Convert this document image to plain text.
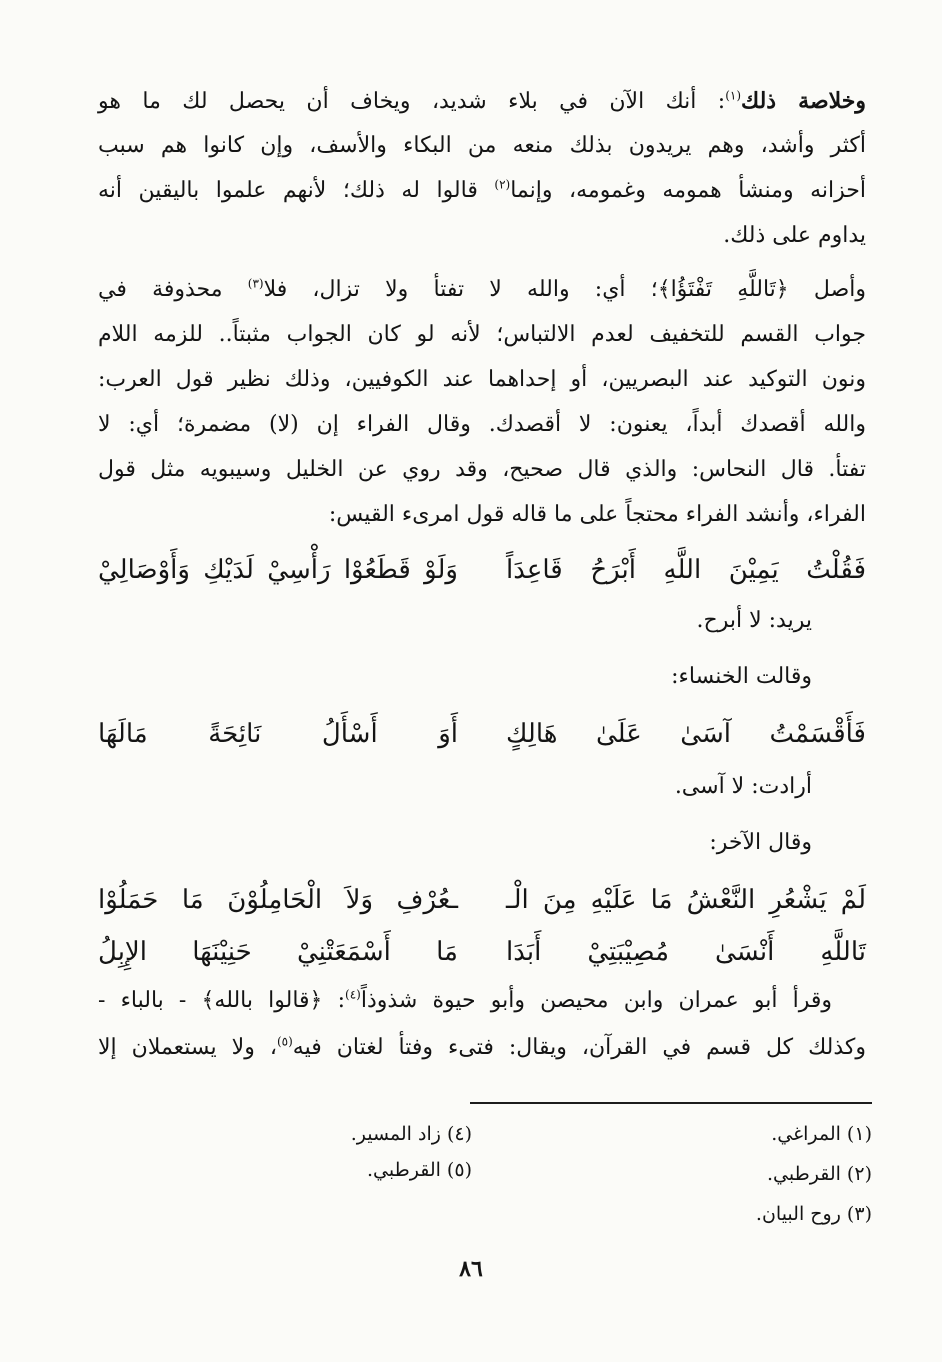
وخلاصة ذلك$^{(١)}$: أنك الآن في بلاء شديد، ويخاف أن يحصل لك ما هو
أكثر وأشد، وهم يريدون بذلك منعه من البكاء والأسف، وإن كانوا هم سبب
أحزانه ومنشأ همومه وغمومه، وإنما$^{(٢)}$ قالوا له ذلك؛ لأنهم علموا باليقين أنه
يداوم على ذلك.
وأصل ﴿تَاللَّهِ تَفْتَؤُا﴾؛ أي: والله لا تفتأ ولا تزال، فلا$^{(٣)}$ محذوفة في
جواب القسم للتخفيف لعدم الالتباس؛ لأنه لو كان الجواب مثبتاً.. للزمه اللام
ونون التوكيد عند البصريين، أو إحداهما عند الكوفيين، وذلك نظير قول العرب:
والله أقصدك أبداً، يعنون: لا أقصدك. وقال الفراء إن (لا) مضمرة؛ أي: لا
تفتأ. قال النحاس: والذي قال صحيح، وقد روي عن الخليل وسيبويه مثل قول
الفراء، وأنشد الفراء محتجاً على ما قاله قول امرىء القيس:
فَقُلْتُ يَمِيْنَ اللَّهِ أَبْرَحُ قَاعِدَاً
وَلَوْ قَطَعُوْا رَأْسِيْ لَدَيْكِ وَأَوْصَالِيْ
يريد: لا أبرح.
وقالت الخنساء:
فَأَقْسَمْتُ آسَىٰ عَلَىٰ هَالِكٍ
أَوَ أَسْأَلُ نَائِحَةً مَالَهَا
أرادت: لا آسى.
وقال الآخر:
لَمْ يَشْعُرِ النَّعْشُ مَا عَلَيْهِ مِنَ الْـ
ـعُرْفِ وَلاَ الْحَامِلُوْنَ مَا حَمَلُوْا
تَاللَّهِ أَنْسَىٰ مُصِيْبَتِيْ أَبَدَا
مَا أَسْمَعَتْنِيْ حَنِيْنَهَا الإِبِلُ
وقرأ أبو عمران وابن محيصن وأبو حيوة شذوذاً$^{(٤)}$: ﴿قالوا بالله﴾ - بالباء -
وكذلك كل قسم في القرآن، ويقال: فتىء وفتأ لغتان فيه$^{(٥)}$، ولا يستعملان إلا
(١) المراغي.
(٢) القرطبي.
(٣) روح البيان.
(٤) زاد المسير.
(٥) القرطبي.
٨٦
